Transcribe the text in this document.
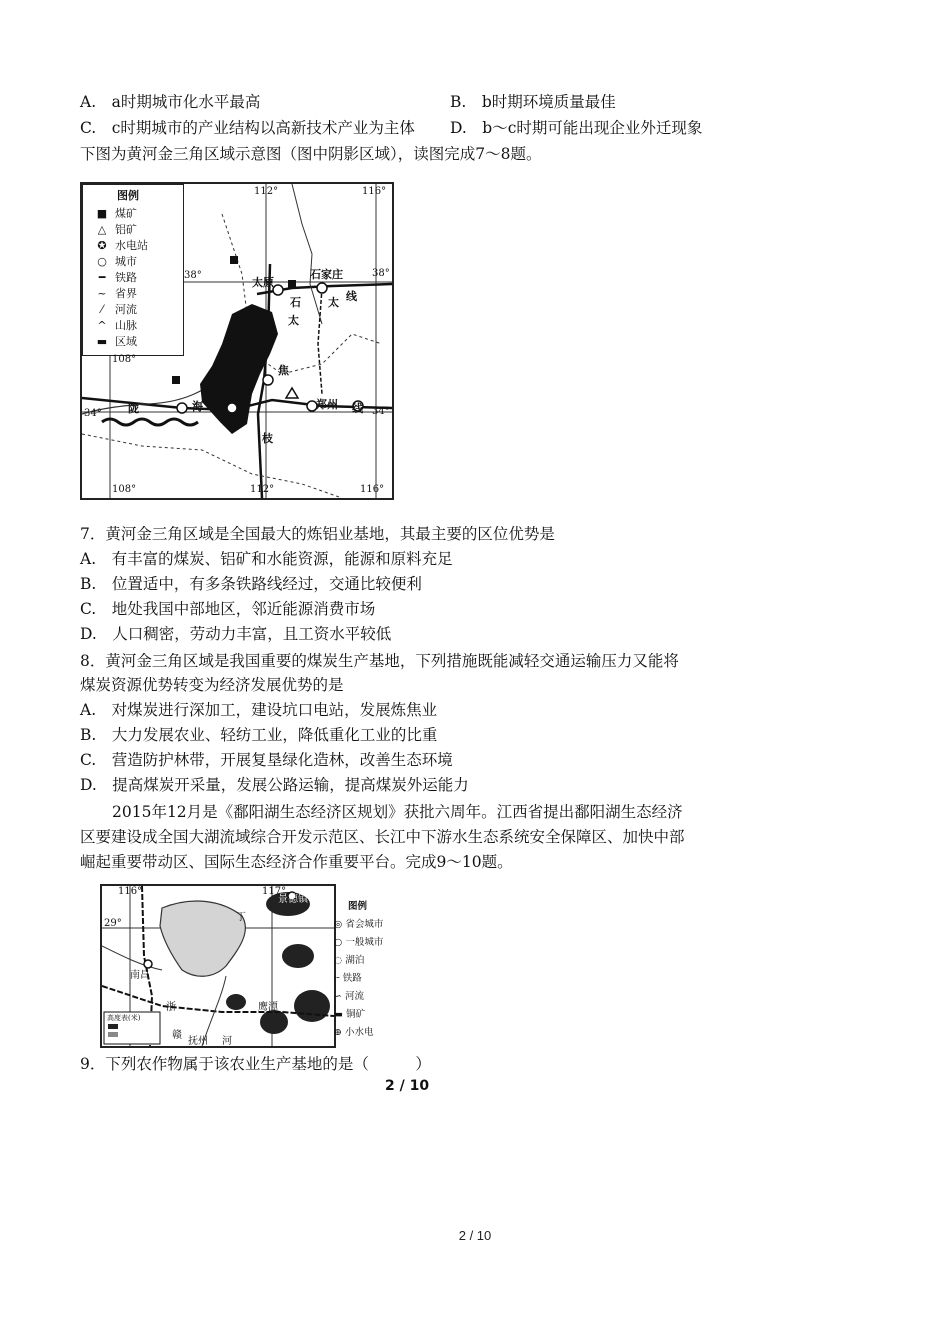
A.　a时期城市化水平最高	B.　b时期环境质量最佳
C.　c时期城市的产业结构以高新技术产业为主体 D.　b～c时期可能出现企业外迁现象
下图为黄河金三角区域示意图（图中阴影区域），读图完成7～8题。
图例
■ 煤矿
△ 铝矿
✪ 水电站
○ 城市
━ 铁路
~ 省界
⁄	河流
^ 山脉
▬ 区域
112°	116°
108°
108°	112°	116°
38°	38°
34°	34°
太原
石家庄
石 太
太
线
焦
郑州
枝
陇	海	线
7．黄河金三角区域是全国最大的炼铝业基地，其最主要的区位优势是
A.　有丰富的煤炭、铝矿和水能资源，能源和原料充足
B.　位置适中，有多条铁路线经过，交通比较便利
C.　地处我国中部地区，邻近能源消费市场
D.　人口稠密，劳动力丰富，且工资水平较低
8．黄河金三角区域是我国重要的煤炭生产基地，下列措施既能减轻交通运输压力又能将
煤炭资源优势转变为经济发展优势的是
A.　对煤炭进行深加工，建设坑口电站，发展炼焦业
B.　大力发展农业、轻纺工业，降低重化工业的比重
C.　营造防护林带，开展复垦绿化造林，改善生态环境
D.　提高煤炭开采量，发展公路运输，提高煤炭外运能力
2015年12月是《鄱阳湖生态经济区规划》获批六周年。江西省提出鄱阳湖生态经济
区要建设成全国大湖流域综合开发示范区、长江中下游水生态系统安全保障区、加快中部
崛起重要带动区、国际生态经济合作重要平台。完成9～10题。
116°	117°
29°
景德镇
南昌
丁
浙
赣
鹰潭
抚州 河
高度表(米)
图例
◎ 省会城市
○ 一般城市
◌ 湖泊
╌ 铁路
∽ 河流
▬ 铜矿
⊕ 小水电
9．下列农作物属于该农业生产基地的是（　　　）
2 / 10
2 / 10
